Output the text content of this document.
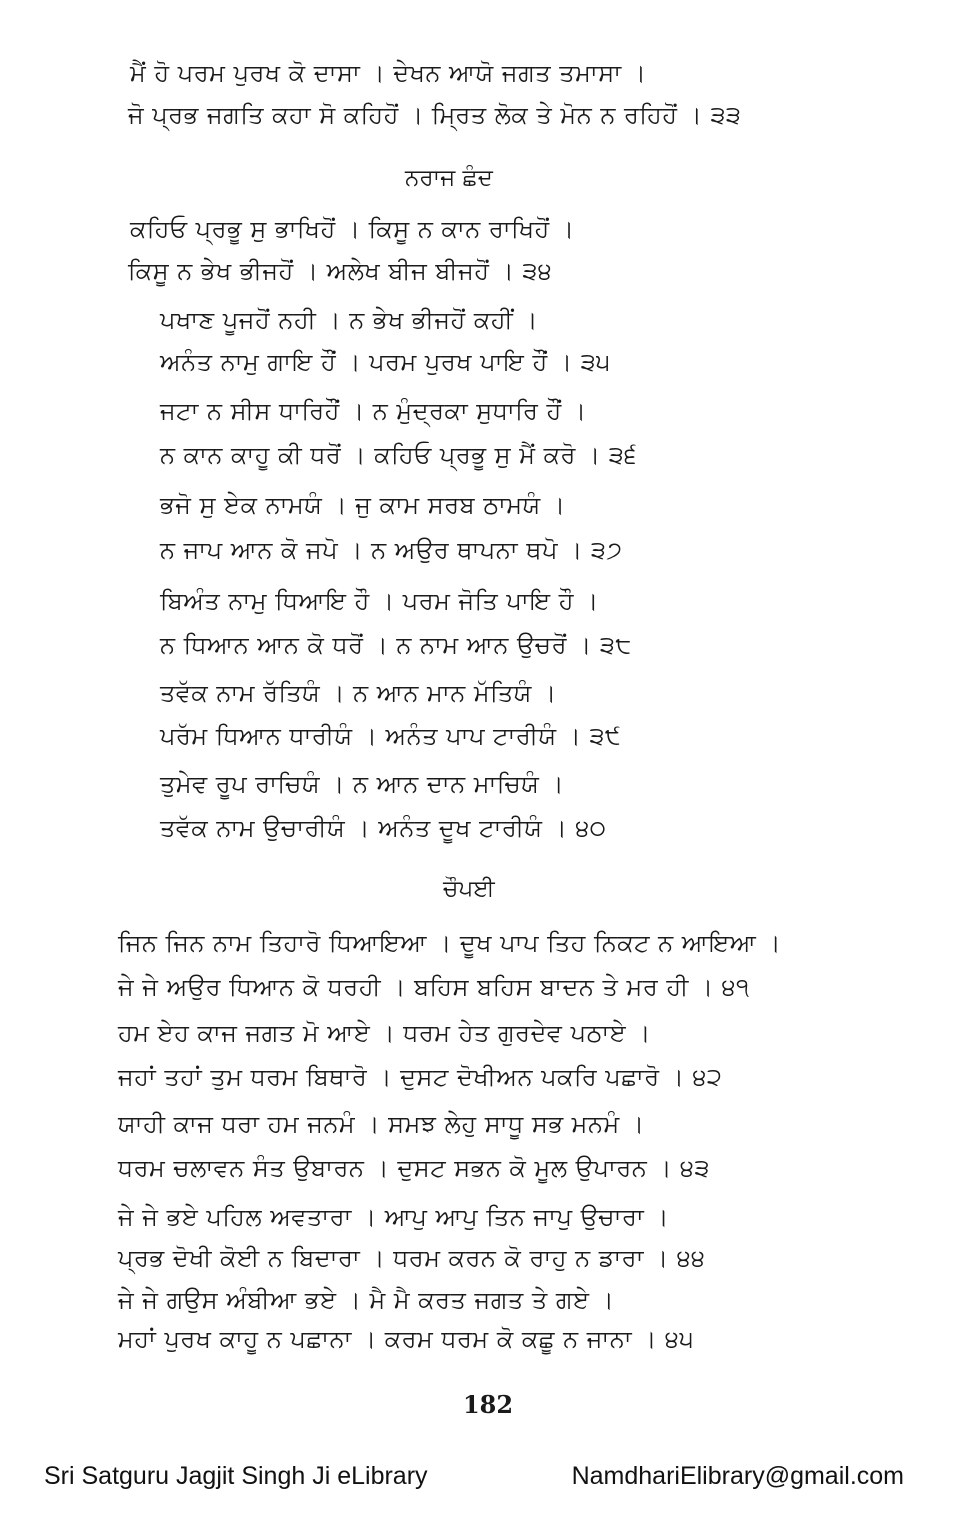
ਮੈਂ ਹੋ ਪਰਮ ਪੁਰਖ ਕੋ ਦਾਸਾ । ਦੇਖਨ ਆਯੋ ਜਗਤ ਤਮਾਸਾ ।
ਜੋ ਪ੍ਰਭ ਜਗਤਿ ਕਹਾ ਸੋ ਕਹਿਹੋਂ । ਮ੍ਰਿਤ ਲੋਕ ਤੇ ਮੋਨ ਨ ਰਹਿਹੋਂ । ੩੩
ਨਰਾਜ ਛੰਦ
ਕਹਿਓ ਪ੍ਰਭੂ ਸੁ ਭਾਖਿਹੋਂ । ਕਿਸੂ ਨ ਕਾਨ ਰਾਖਿਹੋਂ ।
ਕਿਸੂ ਨ ਭੇਖ ਭੀਜਹੋਂ । ਅਲੇਖ ਬੀਜ ਬੀਜਹੋਂ । ੩੪
ਪਖਾਣ ਪੂਜਹੋਂ ਨਹੀ । ਨ ਭੇਖ ਭੀਜਹੋਂ ਕਹੀਂ ।
ਅਨੰਤ ਨਾਮੁ ਗਾਇ ਹੌਂ । ਪਰਮ ਪੁਰਖ ਪਾਇ ਹੌਂ । ੩੫
ਜਟਾ ਨ ਸੀਸ ਧਾਰਿਹੌਂ । ਨ ਮੁੰਦ੍ਰਕਾ ਸੁਧਾਰਿ ਹੌਂ ।
ਨ ਕਾਨ ਕਾਹੂ ਕੀ ਧਰੋਂ । ਕਹਿਓ ਪ੍ਰਭੂ ਸੁ ਮੈਂ ਕਰੋ । ੩੬
ਭਜੋ ਸੁ ਏਕ ਨਾਮਯੰ । ਜੁ ਕਾਮ ਸਰਬ ਠਾਮਯੰ ।
ਨ ਜਾਪ ਆਨ ਕੋ ਜਪੋ । ਨ ਅਉਰ ਥਾਪਨਾ ਥਪੋ । ੩੭
ਬਿਅੰਤ ਨਾਮੁ ਧਿਆਇ ਹੌ । ਪਰਮ ਜੋਤਿ ਪਾਇ ਹੌ ।
ਨ ਧਿਆਨ ਆਨ ਕੋ ਧਰੋਂ । ਨ ਨਾਮ ਆਨ ਉਚਰੋਂ । ੩੮
ਤਵੱਕ ਨਾਮ ਰੱਤਿਯੰ । ਨ ਆਨ ਮਾਨ ਮੱਤਿਯੰ ।
ਪਰੱਮ ਧਿਆਨ ਧਾਰੀਯੰ । ਅਨੰਤ ਪਾਪ ਟਾਰੀਯੰ । ੩੯
ਤੁਮੇਵ ਰੂਪ ਰਾਚਿਯੰ । ਨ ਆਨ ਦਾਨ ਮਾਚਿਯੰ ।
ਤਵੱਕ ਨਾਮ ਉਚਾਰੀਯੰ । ਅਨੰਤ ਦੂਖ ਟਾਰੀਯੰ । ੪੦
ਚੌਪਈ
ਜਿਨ ਜਿਨ ਨਾਮ ਤਿਹਾਰੋ ਧਿਆਇਆ । ਦੂਖ ਪਾਪ ਤਿਹ ਨਿਕਟ ਨ ਆਇਆ ।
ਜੇ ਜੇ ਅਉਰ ਧਿਆਨ ਕੋ ਧਰਹੀ । ਬਹਿਸ ਬਹਿਸ ਬਾਦਨ ਤੇ ਮਰ ਹੀ । ੪੧
ਹਮ ਏਹ ਕਾਜ ਜਗਤ ਮੋ ਆਏ । ਧਰਮ ਹੇਤ ਗੁਰਦੇਵ ਪਠਾਏ ।
ਜਹਾਂ ਤਹਾਂ ਤੁਮ ਧਰਮ ਬਿਥਾਰੋ । ਦੁਸਟ ਦੋਖੀਅਨ ਪਕਰਿ ਪਛਾਰੋ । ੪੨
ਯਾਹੀ ਕਾਜ ਧਰਾ ਹਮ ਜਨਮੰ । ਸਮਝ ਲੇਹੁ ਸਾਧੂ ਸਭ ਮਨਮੰ ।
ਧਰਮ ਚਲਾਵਨ ਸੰਤ ਉਬਾਰਨ । ਦੁਸਟ ਸਭਨ ਕੋ ਮੂਲ ਉਪਾਰਨ । ੪੩
ਜੇ ਜੇ ਭਏ ਪਹਿਲ ਅਵਤਾਰਾ । ਆਪੁ ਆਪੁ ਤਿਨ ਜਾਪੁ ਉਚਾਰਾ ।
ਪ੍ਰਭ ਦੋਖੀ ਕੋਈ ਨ ਬਿਦਾਰਾ । ਧਰਮ ਕਰਨ ਕੋ ਰਾਹੁ ਨ ਡਾਰਾ । ੪੪
ਜੇ ਜੇ ਗਉਸ ਅੰਬੀਆ ਭਏ । ਮੈ ਮੈ ਕਰਤ ਜਗਤ ਤੇ ਗਏ ।
ਮਹਾਂ ਪੁਰਖ ਕਾਹੂ ਨ ਪਛਾਨਾ । ਕਰਮ ਧਰਮ ਕੋ ਕਛੂ ਨ ਜਾਨਾ । ੪੫
182
Sri Satguru Jagjit Singh Ji eLibrary	NamdhariElibrary@gmail.com
